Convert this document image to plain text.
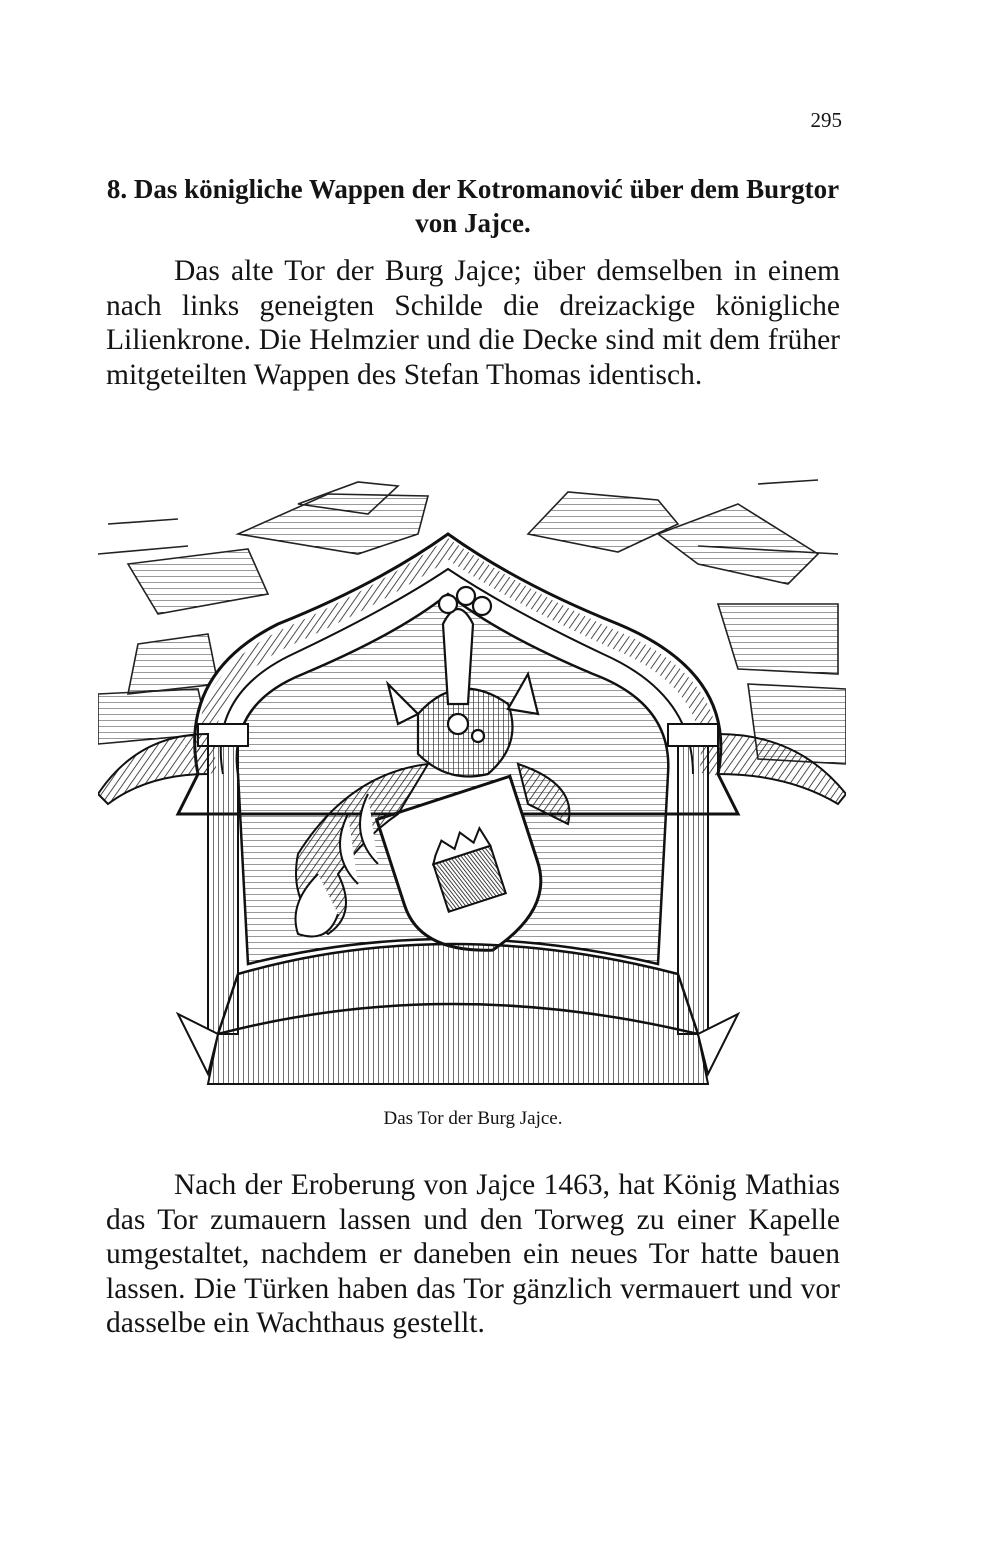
295
8. Das königliche Wappen der Kotromanović über dem Burgtor von Jajce.

Das alte Tor der Burg Jajce; über demselben in einem nach links geneigten Schilde die dreizackige königliche Lilienkrone. Die Helmzier und die Decke sind mit dem früher mitgeteilten Wappen des Stefan Thomas identisch.

Das Tor der Burg Jajce.

Nach der Eroberung von Jajce 1463, hat König Mathias das Tor zumauern lassen und den Torweg zu einer Kapelle umgestaltet, nachdem er daneben ein neues Tor hatte bauen lassen. Die Türken haben das Tor gänzlich vermauert und vor dasselbe ein Wachthaus gestellt.
